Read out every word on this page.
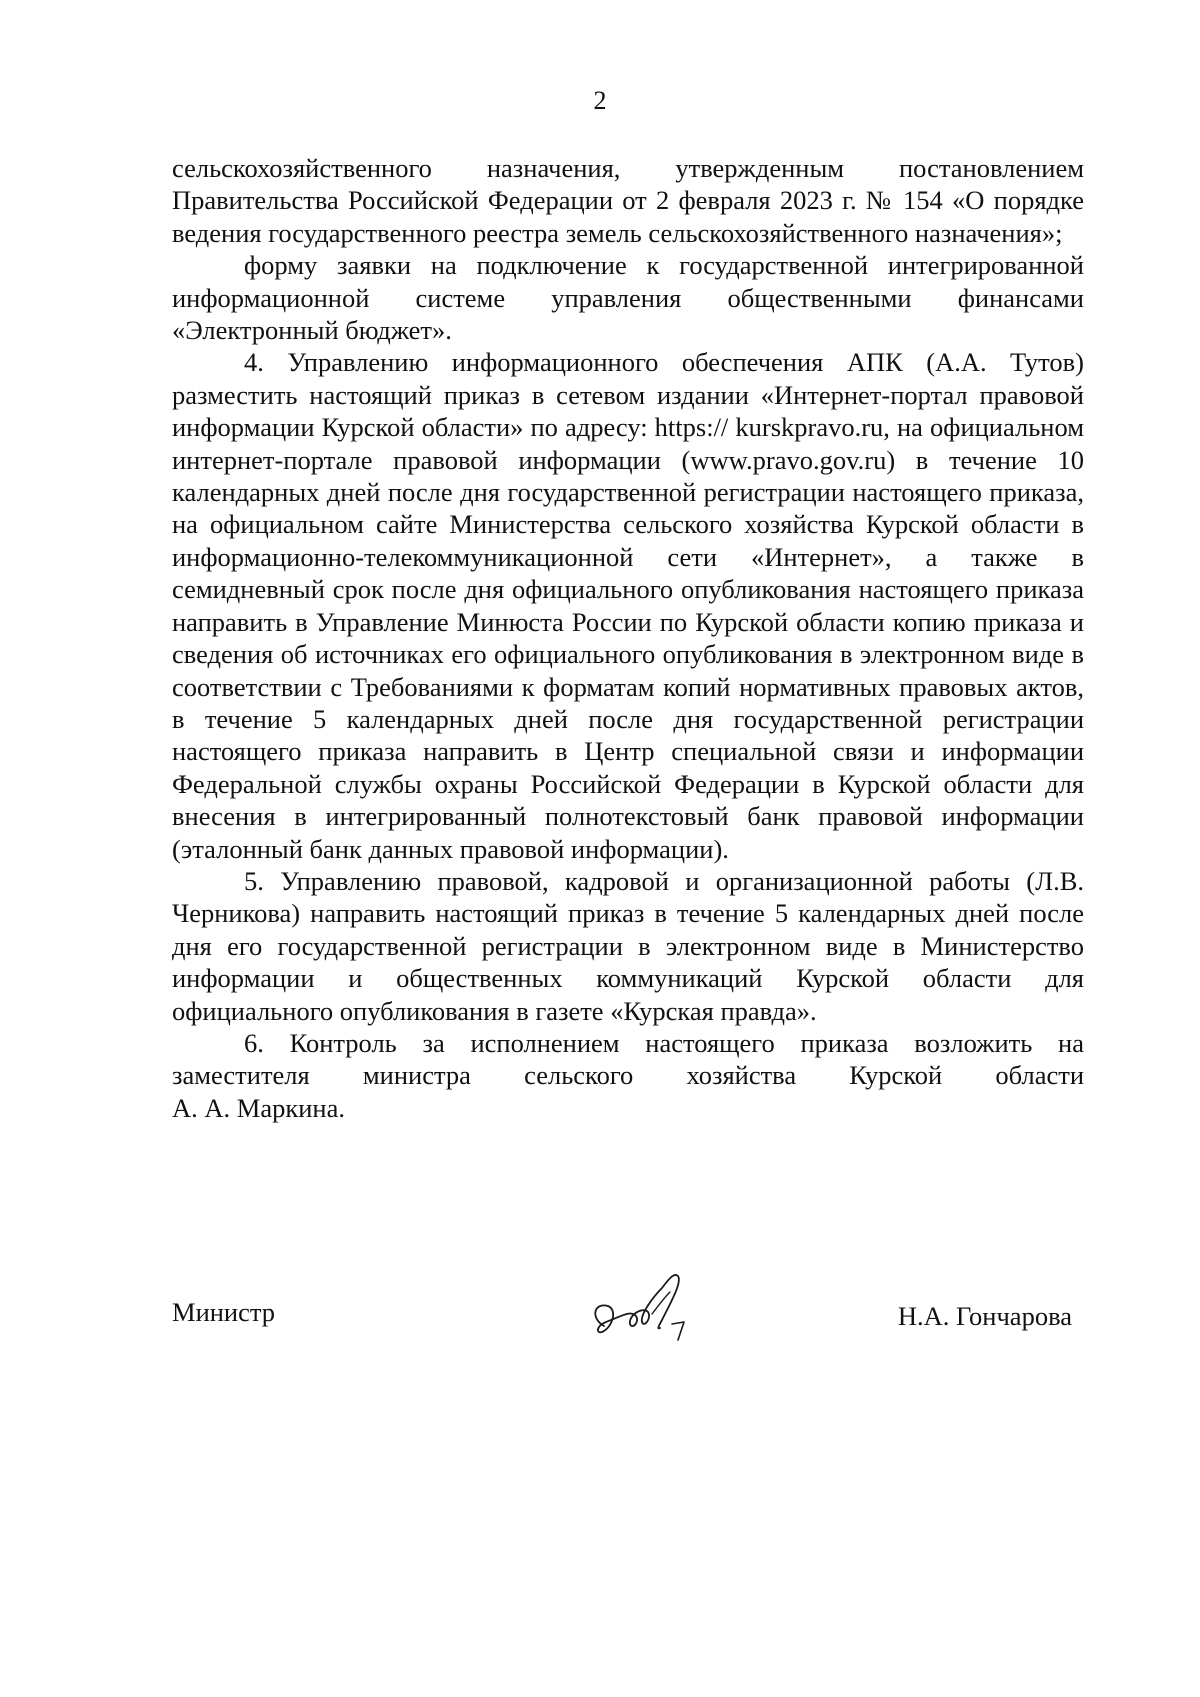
2

сельскохозяйственного назначения, утвержденным постановлением Правительства Российской Федерации от 2 февраля 2023 г. № 154 «О порядке ведения государственного реестра земель сельскохозяйственного назначения»;

форму заявки на подключение к государственной интегрированной информационной системе управления общественными финансами «Электронный бюджет».

4. Управлению информационного обеспечения АПК (А.А. Тутов) разместить настоящий приказ в сетевом издании «Интернет-портал правовой информации Курской области» по адресу: https:// kurskpravo.ru, на официальном интернет-портале правовой информации (www.pravo.gov.ru) в течение 10 календарных дней после дня государственной регистрации настоящего приказа, на официальном сайте Министерства сельского хозяйства Курской области в информационно-телекоммуникационной сети «Интернет», а также в семидневный срок после дня официального опубликования настоящего приказа направить в Управление Минюста России по Курской области копию приказа и сведения об источниках его официального опубликования в электронном виде в соответствии с Требованиями к форматам копий нормативных правовых актов, в течение 5 календарных дней после дня государственной регистрации настоящего приказа направить в Центр специальной связи и информации Федеральной службы охраны Российской Федерации в Курской области для внесения в интегрированный полнотекстовый банк правовой информации (эталонный банк данных правовой информации).

5. Управлению правовой, кадровой и организационной работы (Л.В. Черникова) направить настоящий приказ в течение 5 календарных дней после дня его государственной регистрации в электронном виде в Министерство информации и общественных коммуникаций Курской области для официального опубликования в газете «Курская правда».

6. Контроль за исполнением настоящего приказа возложить на заместителя министра сельского хозяйства Курской области

А. А. Маркина.

Министр	Н.А. Гончарова
